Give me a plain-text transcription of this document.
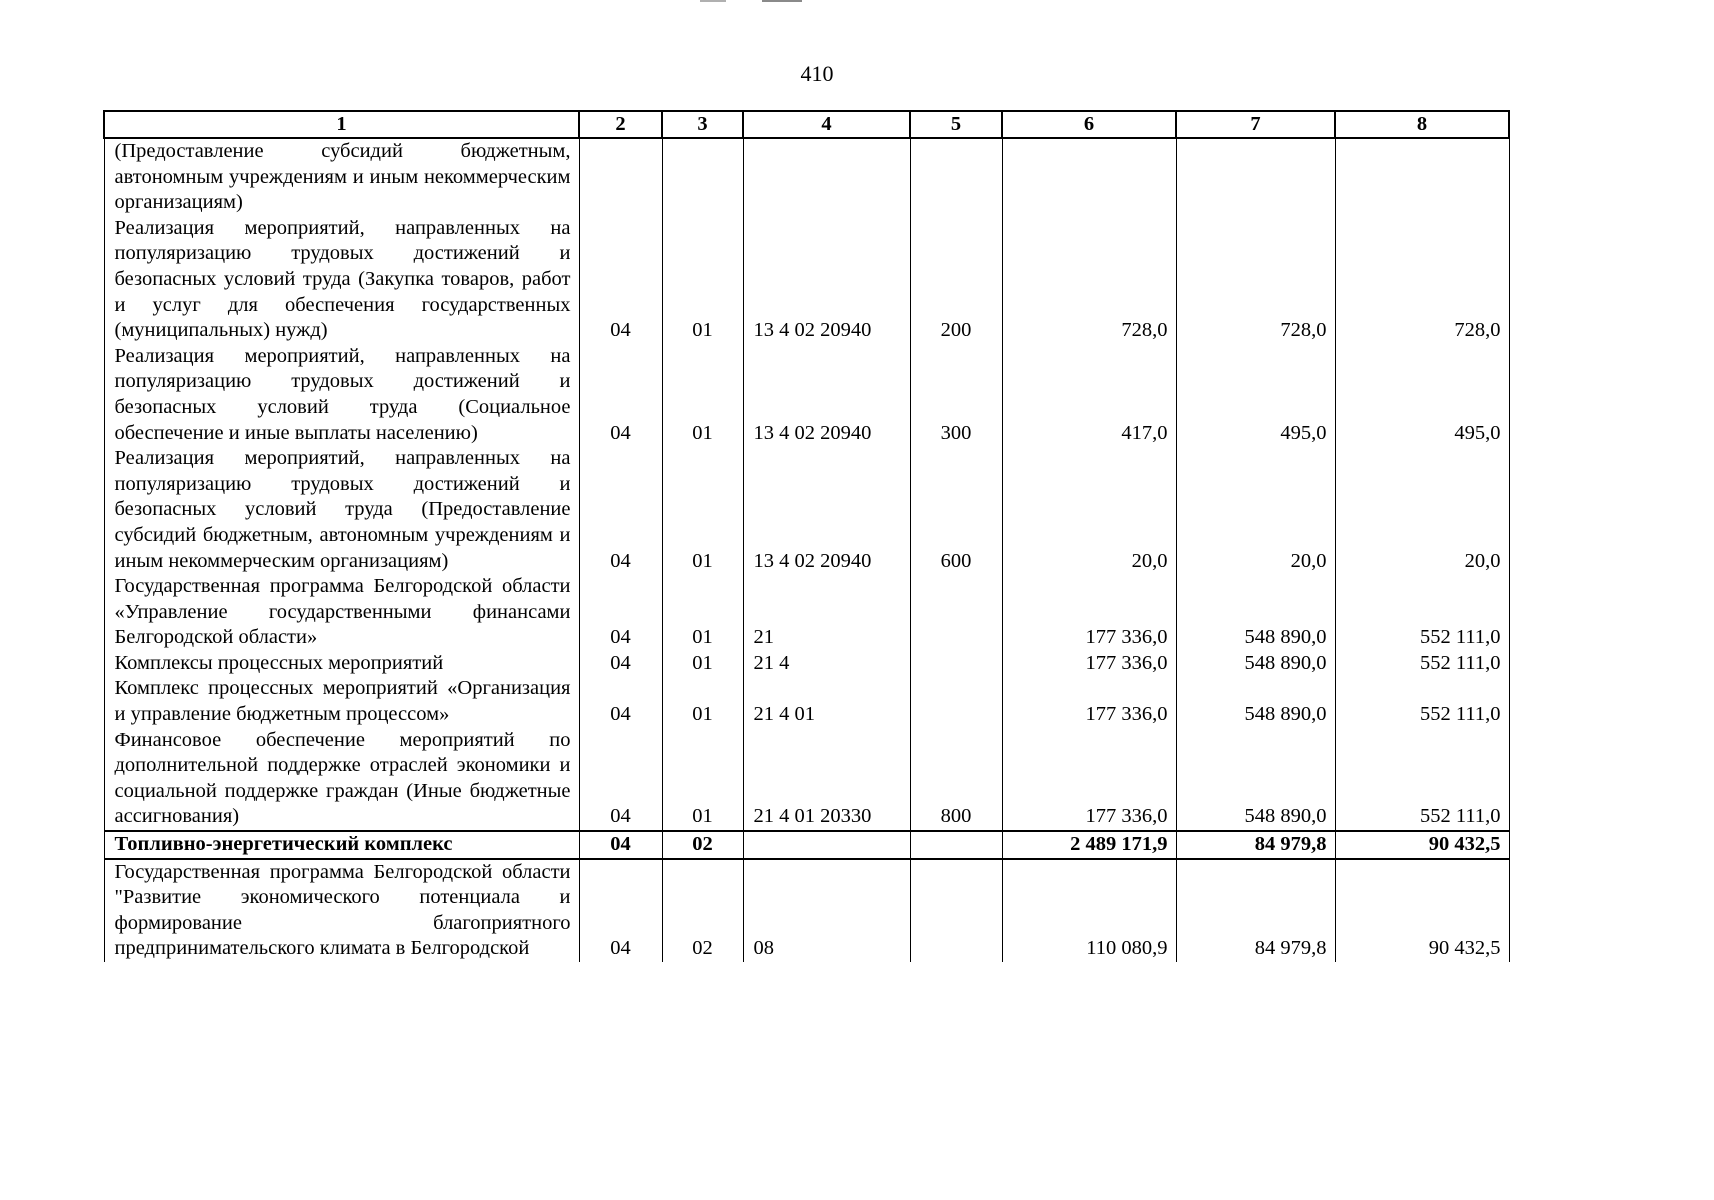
410
1	2	3	4	5	6	7	8
(Предоставление субсидий бюджетным, автономным учреждениям и иным некоммерческим организациям)							
Реализация мероприятий, направленных на популяризацию трудовых достижений и безопасных условий труда (Закупка товаров, работ и услуг для обеспечения государственных (муниципальных) нужд)	04	01	13 4 02 20940	200	728,0	728,0	728,0
Реализация мероприятий, направленных на популяризацию трудовых достижений и безопасных условий труда (Социальное обеспечение и иные выплаты населению)	04	01	13 4 02 20940	300	417,0	495,0	495,0
Реализация мероприятий, направленных на популяризацию трудовых достижений и безопасных условий труда (Предоставление субсидий бюджетным, автономным учреждениям и иным некоммерческим организациям)	04	01	13 4 02 20940	600	20,0	20,0	20,0
Государственная программа Белгородской области «Управление государственными финансами Белгородской области»	04	01	21		177 336,0	548 890,0	552 111,0
Комплексы процессных мероприятий	04	01	21 4		177 336,0	548 890,0	552 111,0
Комплекс процессных мероприятий «Организация и управление бюджетным процессом»	04	01	21 4 01		177 336,0	548 890,0	552 111,0
Финансовое обеспечение мероприятий по дополнительной поддержке отраслей экономики и социальной поддержке граждан (Иные бюджетные ассигнования)	04	01	21 4 01 20330	800	177 336,0	548 890,0	552 111,0
Топливно-энергетический комплекс	04	02			2 489 171,9	84 979,8	90 432,5
Государственная программа Белгородской области "Развитие экономического потенциала и формирование благоприятного предпринимательского климата в Белгородской	04	02	08		110 080,9	84 979,8	90 432,5
